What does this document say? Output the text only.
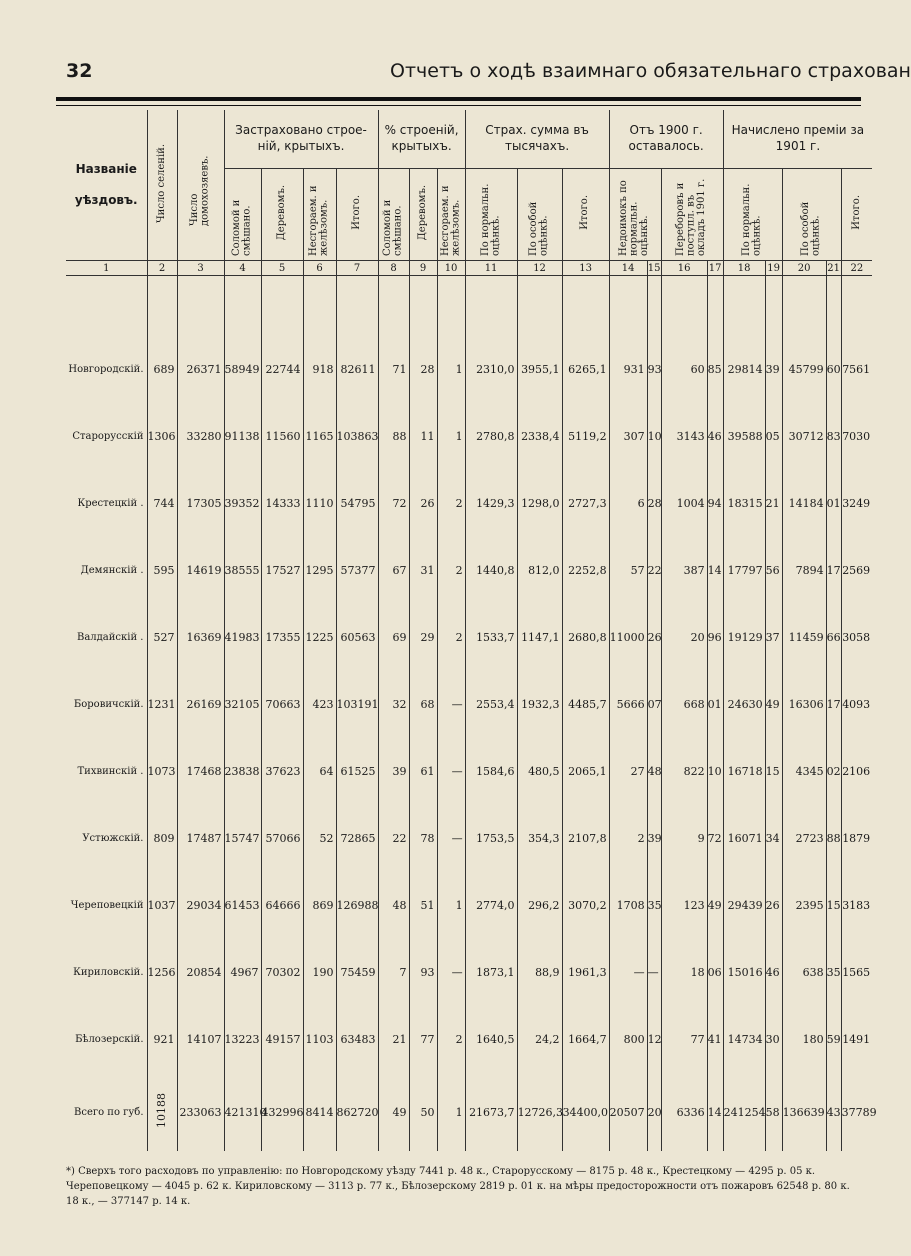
32	Отчетъ о ходѣ взаимнаго обязательнаго страхован
Названіе
уѣздовъ.	Число селеній.	Число домохозяевъ.	Застраховано строе-ній, крытыхъ.				% строеній, крытыхъ.			Страх. сумма въ тысячахъ.			Отъ 1900 г. оставалось.				Начислено преміи за 1901 г.				
			Соломой и смѣшано.	Деревомъ.	Несгораем. и желѣзомъ.	Итого.	Соломой и смѣшано.	Деревомъ.	Несгораем. и желѣзомъ.	По нормальн. оцѣнкѣ.	По особой оцѣнкѣ.	Итого.	Недоимокъ по нормальн. оцѣнкѣ.		Переборовъ и поступл. въ окладъ 1901 г.		По нормальн. оцѣнкѣ.		По особой оцѣнкѣ.		Итого.
1	2	3	4	5	6	7	8	9	10	11	12	13	14	15	16	17	18	19	20	21	22

Новгородскій.	689	26371	58949	22744	918	82611	71	28	1	2310,0	3955,1	6265,1	931	93	60	85	29814	39	45799	60	7561
Старорусскій	1306	33280	91138	11560	1165	103863	88	11	1	2780,8	2338,4	5119,2	307	10	3143	46	39588	05	30712	83	7030
Крестецкій .	744	17305	39352	14333	1110	54795	72	26	2	1429,3	1298,0	2727,3	6	28	1004	94	18315	21	14184	01	3249
Демянскій .	595	14619	38555	17527	1295	57377	67	31	2	1440,8	812,0	2252,8	57	22	387	14	17797	56	7894	17	2569
Валдайскій .	527	16369	41983	17355	1225	60563	69	29	2	1533,7	1147,1	2680,8	11000	26	20	96	19129	37	11459	66	3058
Боровичскій.	1231	26169	32105	70663	423	103191	32	68	—	2553,4	1932,3	4485,7	5666	07	668	01	24630	49	16306	17	4093
Тихвинскій .	1073	17468	23838	37623	64	61525	39	61	—	1584,6	480,5	2065,1	27	48	822	10	16718	15	4345	02	2106
Устюжскій.	809	17487	15747	57066	52	72865	22	78	—	1753,5	354,3	2107,8	2	39	9	72	16071	34	2723	88	1879
Череповецкій	1037	29034	61453	64666	869	126988	48	51	1	2774,0	296,2	3070,2	1708	35	123	49	29439	26	2395	15	3183
Кириловскій.	1256	20854	4967	70302	190	75459	7	93	—	1873,1	88,9	1961,3	—	—	18	06	15016	46	638	35	1565
Бѣлозерскій.	921	14107	13223	49157	1103	63483	21	77	2	1640,5	24,2	1664,7	800	12	77	41	14734	30	180	59	1491
Всего по губ.	10188	233063	421310	432996	8414	862720	49	50	1	21673,7	12726,3	34400,0	20507	20	6336	14	241254	58	136639	43	37789
*) Сверхъ того расходовъ по управленію: по Новгородскому уѣзду 7441 р. 48 к., Старорусскому — 8175 р. 48 к., Крестецкому — 4295 р. 05 к.
Череповецкому — 4045 р. 62 к. Кириловскому — 3113 р. 77 к., Бѣлозерскому 2819 р. 01 к. на мѣры предосторожности отъ пожаровъ 62548 р. 80 к.
18 к., — 377147 р. 14 к.
